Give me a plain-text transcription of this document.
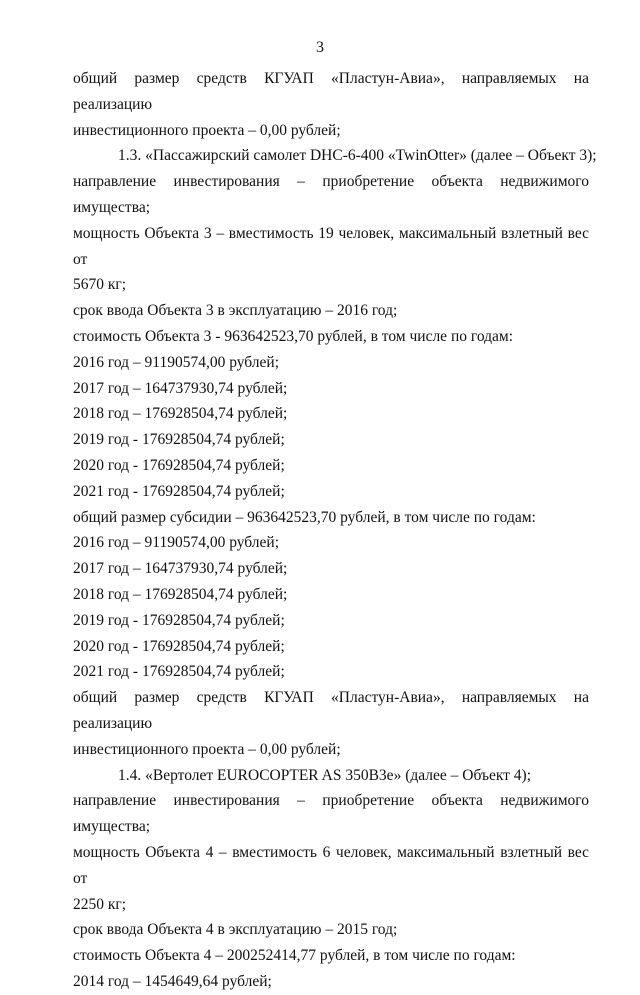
3
общий размер средств КГУАП «Пластун-Авиа», направляемых на реализацию
инвестиционного проекта – 0,00 рублей;
1.3. «Пассажирский самолет DHC-6-400 «TwinOtter» (далее – Объект 3);
направление инвестирования – приобретение объекта недвижимого имущества;
мощность Объекта 3 – вместимость 19 человек, максимальный взлетный вес от
5670 кг;
срок ввода Объекта 3 в эксплуатацию – 2016 год;
стоимость Объекта 3 - 963642523,70 рублей, в том числе по годам:
2016 год – 91190574,00 рублей;
2017 год – 164737930,74 рублей;
2018 год – 176928504,74 рублей;
2019 год - 176928504,74 рублей;
2020 год - 176928504,74 рублей;
2021 год - 176928504,74 рублей;
общий размер субсидии – 963642523,70 рублей, в том числе по годам:
2016 год – 91190574,00 рублей;
2017 год – 164737930,74 рублей;
2018 год – 176928504,74 рублей;
2019 год - 176928504,74 рублей;
2020 год - 176928504,74 рублей;
2021 год - 176928504,74 рублей;
общий размер средств КГУАП «Пластун-Авиа», направляемых на реализацию
инвестиционного проекта – 0,00 рублей;
1.4. «Вертолет EUROCOPTER AS 350B3e» (далее – Объект 4);
направление инвестирования – приобретение объекта недвижимого имущества;
мощность Объекта 4 – вместимость 6 человек, максимальный взлетный вес от
2250 кг;
срок ввода Объекта 4 в эксплуатацию – 2015 год;
стоимость Объекта 4 – 200252414,77 рублей, в том числе по годам:
2014 год – 1454649,64 рублей;
